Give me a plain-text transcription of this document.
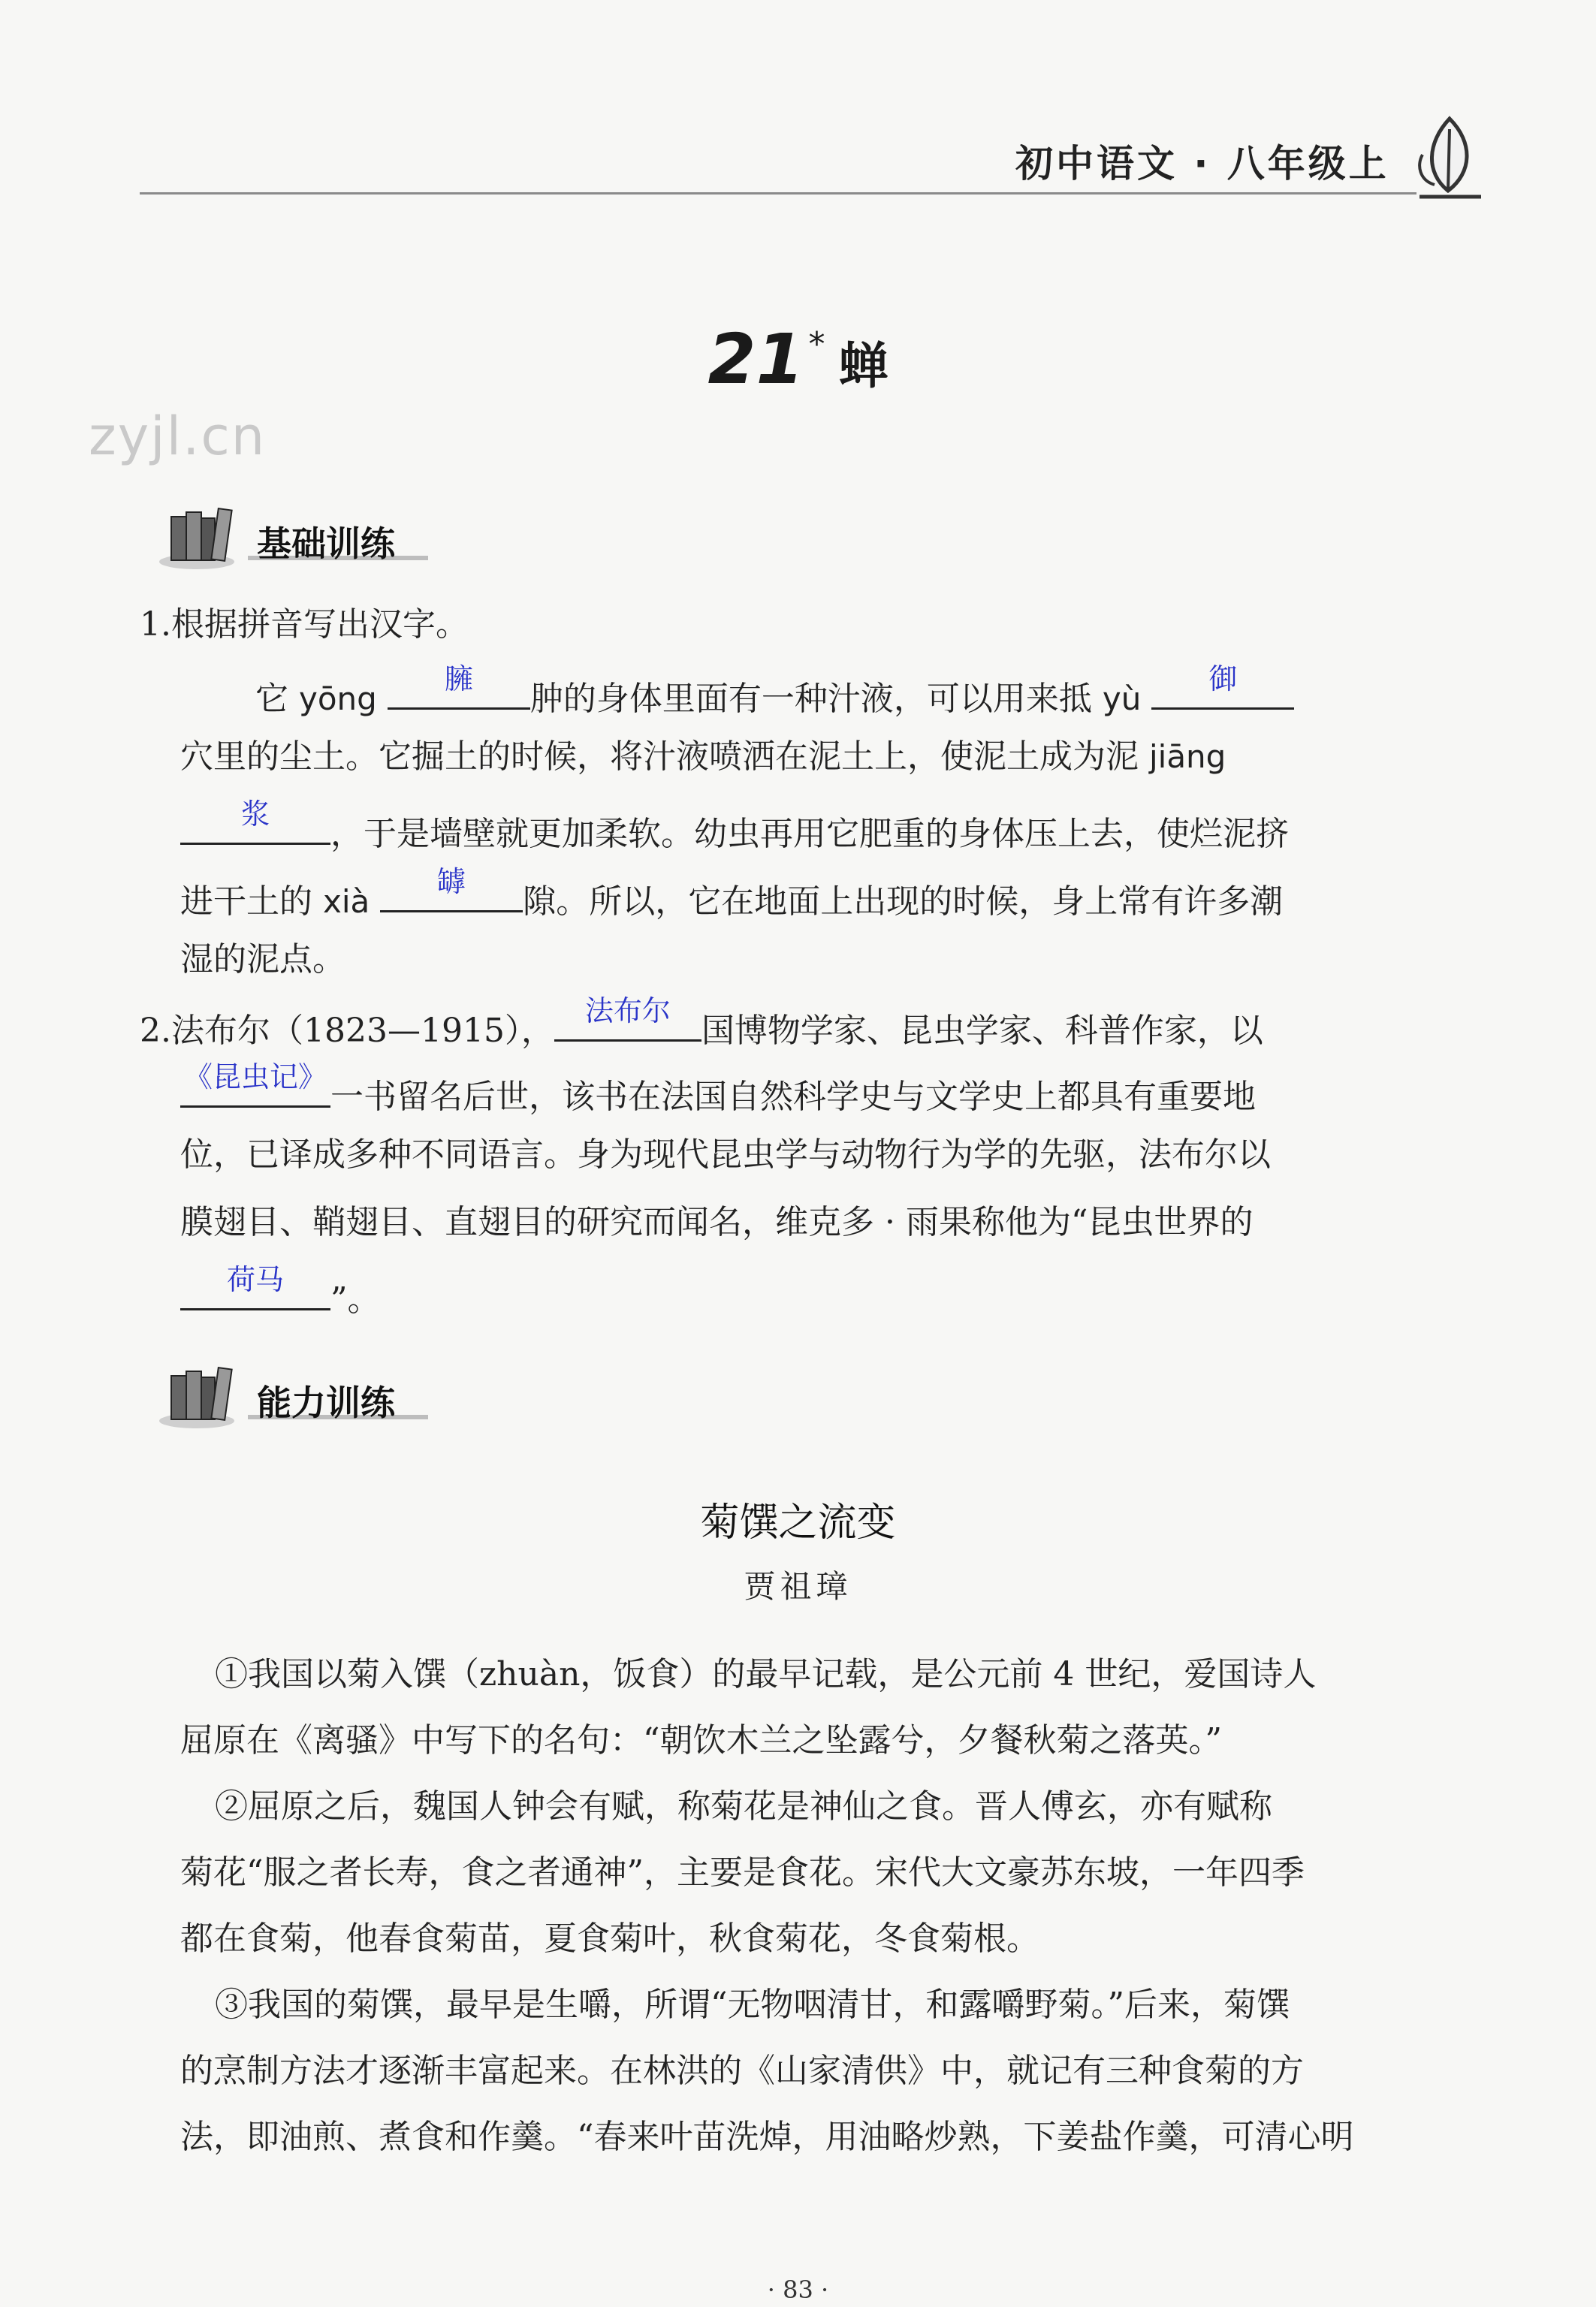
初中语文 · 八年级上
21 * 蝉
zyjl.cn
基础训练
1.根据拼音写出汉字。
它 yōng
臃
肿的身体里面有一种汁液，可以用来抵 yù
御
穴里的尘土。它掘土的时候，将汁液喷洒在泥土上，使泥土成为泥 jiāng
浆
，于是墙壁就更加柔软。幼虫再用它肥重的身体压上去，使烂泥挤
进干土的 xià
罅
隙。所以，它在地面上出现的时候，身上常有许多潮
湿的泥点。
2.法布尔（1823—1915），
法布尔
国博物学家、昆虫学家、科普作家，以
《昆虫记》
一书留名后世，该书在法国自然科学史与文学史上都具有重要地
位，已译成多种不同语言。身为现代昆虫学与动物行为学的先驱，法布尔以
膜翅目、鞘翅目、直翅目的研究而闻名，维克多 · 雨果称他为“昆虫世界的
荷马
”。
能力训练
菊馔之流变
贾祖璋
①我国以菊入馔（zhuàn，饭食）的最早记载，是公元前 4 世纪，爱国诗人
屈原在《离骚》中写下的名句：“朝饮木兰之坠露兮，夕餐秋菊之落英。”
②屈原之后，魏国人钟会有赋，称菊花是神仙之食。晋人傅玄，亦有赋称
菊花“服之者长寿，食之者通神”，主要是食花。宋代大文豪苏东坡，一年四季
都在食菊，他春食菊苗，夏食菊叶，秋食菊花，冬食菊根。
③我国的菊馔，最早是生嚼，所谓“无物咽清甘，和露嚼野菊。”后来，菊馔
的烹制方法才逐渐丰富起来。在林洪的《山家清供》中，就记有三种食菊的方
法，即油煎、煮食和作羹。“春来叶苗洗焯，用油略炒熟，下姜盐作羹，可清心明
· 83 ·
